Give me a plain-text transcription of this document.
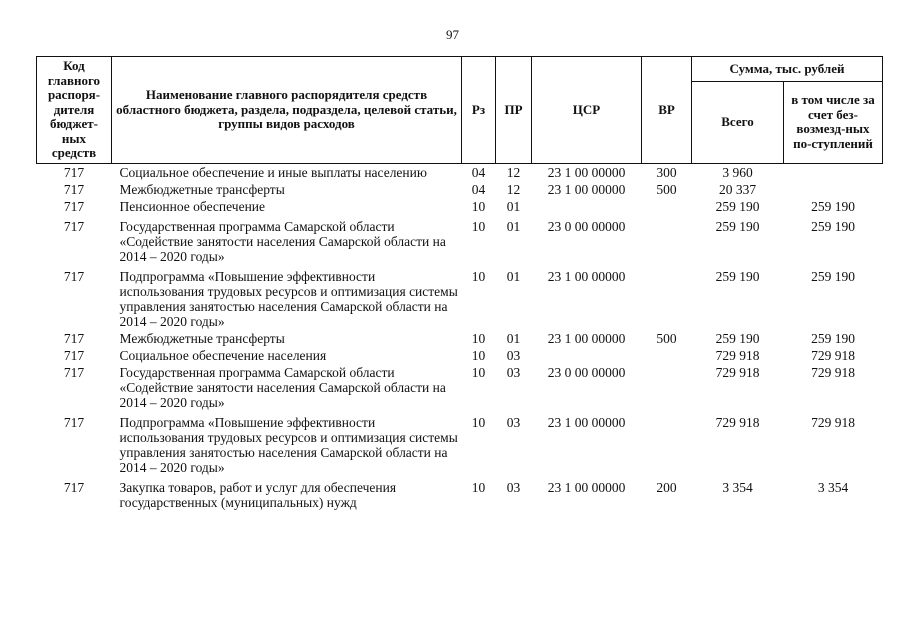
97
Код главного распоря-дителя бюджет-ных средств	Наименование главного распорядителя средств областного бюджета, раздела, подраздела, целевой статьи, группы видов расходов	Рз	ПР	ЦСР	ВР	Сумма, тыс. рублей	
						Всего	в том числе за счет без-возмезд-ных по-ступлений
717	Социальное обеспечение и иные выплаты населению	04	12	23 1 00 00000	300	3 960	
717	Межбюджетные трансферты	04	12	23 1 00 00000	500	20 337	
717	Пенсионное обеспечение	10	01			259 190	259 190
717	Государственная программа Самарской области «Содействие занятости населения Самарской области на 2014 – 2020 годы»	10	01	23 0 00 00000		259 190	259 190
717	Подпрограмма «Повышение эффективности использования трудовых ресурсов и оптимизация системы управления занятостью населения Самарской области на 2014 – 2020 годы»	10	01	23 1 00 00000		259 190	259 190
717	Межбюджетные трансферты	10	01	23 1 00 00000	500	259 190	259 190
717	Социальное обеспечение населения	10	03			729 918	729 918
717	Государственная программа Самарской области «Содействие занятости населения Самарской области на 2014 – 2020 годы»	10	03	23 0 00 00000		729 918	729 918
717	Подпрограмма «Повышение эффективности использования трудовых ресурсов и оптимизация системы управления занятостью населения Самарской области на 2014 – 2020 годы»	10	03	23 1 00 00000		729 918	729 918
717	Закупка товаров, работ и услуг для обеспечения государственных (муниципальных) нужд	10	03	23 1 00 00000	200	3 354	3 354
